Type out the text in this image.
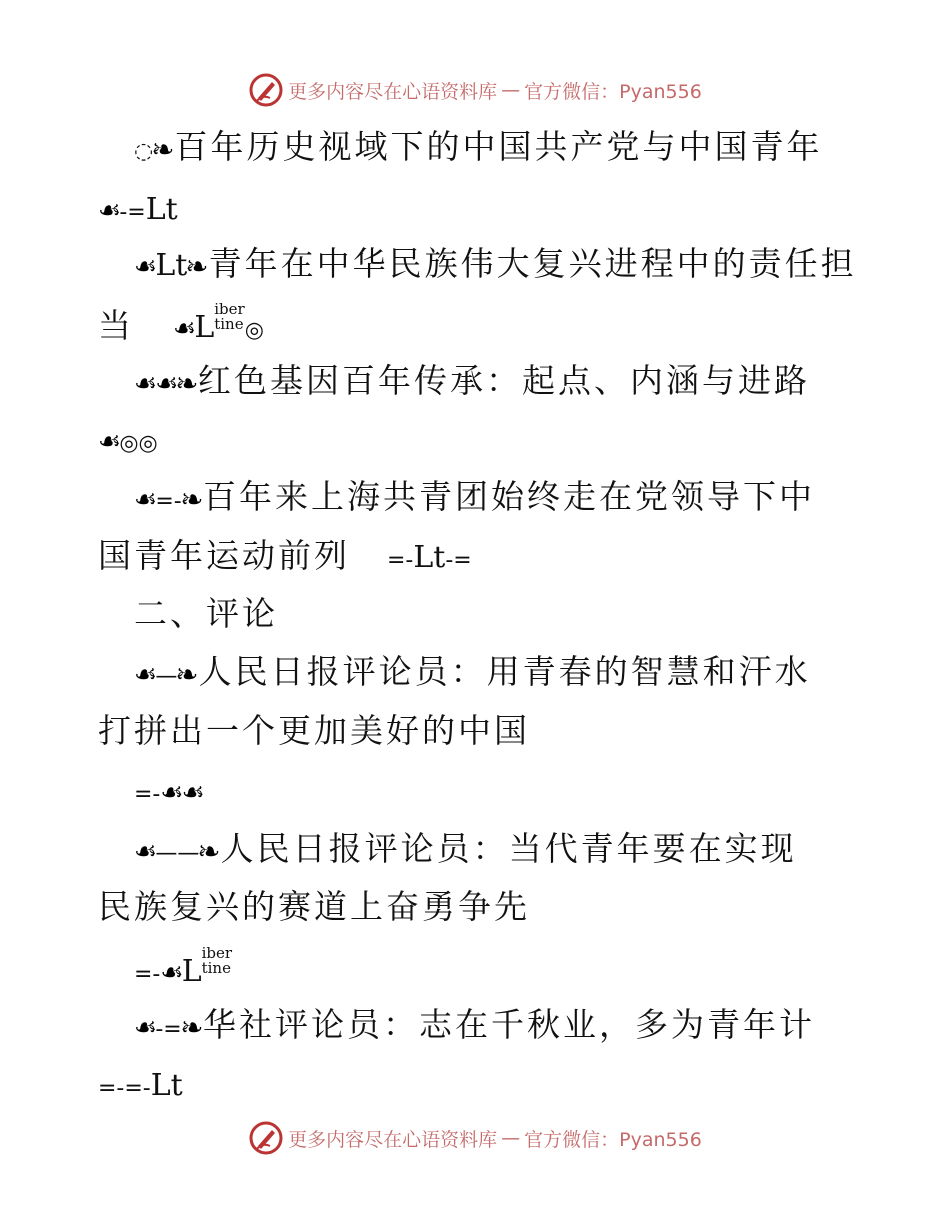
更多内容尽在心语资料库 — 官方微信：Pyan556
◌☙百年历史视域下的中国共产党与中国青年
☙‐=Lt
☙Lt☙青年在中华民族伟大复兴进程中的责任担
当 ☙Liber
tine◎
☙☙☙红色基因百年传承：起点、内涵与进路
☙◎◎
☙=‐☙百年来上海共青团始终走在党领导下中
国青年运动前列 =‐Lt‐=
二、评论
☙—☙人民日报评论员：用青春的智慧和汗水
打拼出一个更加美好的中国
=‐☙☙
☙——☙人民日报评论员：当代青年要在实现
民族复兴的赛道上奋勇争先
=‐☙Liber
tine
☙‐=☙华社评论员：志在千秋业，多为青年计
=‐=‐Lt
更多内容尽在心语资料库 — 官方微信：Pyan556
